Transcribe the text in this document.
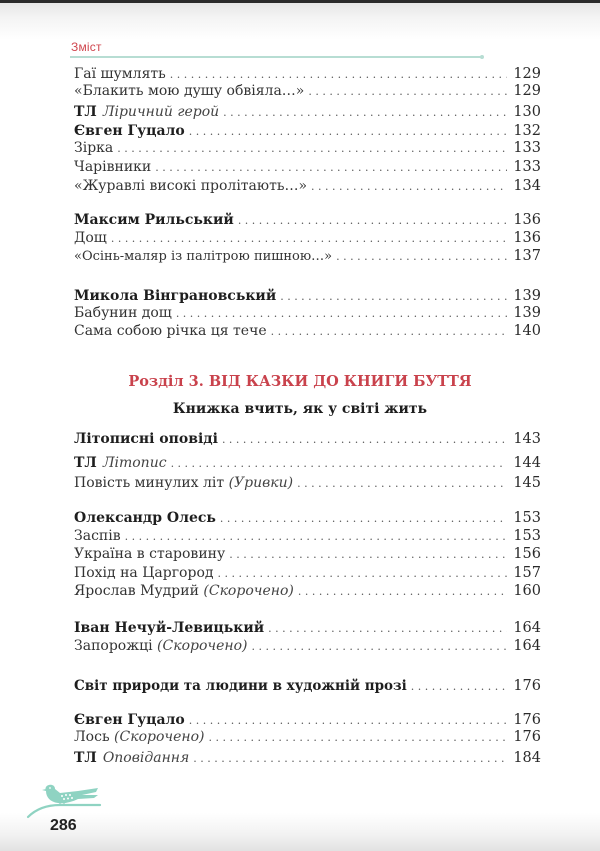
Зміст
Гаї шумлять . . .	129
«Блакить мою душу обвіяла…» . . .	129
ТЛ Ліричний герой . . .	130
Євген Гуцало . . .	132
Зірка . . .	133
Чарівники . . .	133
«Журавлі високі пролітають…» . . .	134
Максим Рильський . . .	136
Дощ . . .	136
«Осінь-маляр із палітрою пишною…» . . .	137
Микола Вінграновський . . .	139
Бабунин дощ . . .	139
Сама собою річка ця тече . . .	140
Розділ 3. ВІД КАЗКИ ДО КНИГИ БУТТЯ
Книжка вчить, як у світі жить
Літописні оповіді . . .	143
ТЛ Літопис . . .	144
Повість минулих літ (Уривки) . . .	145
Олександр Олесь . . .	153
Заспів . . .	153
Україна в старовину . . .	156
Похід на Царгород . . .	157
Ярослав Мудрий (Скорочено) . . .	160
Іван Нечуй-Левицький . . .	164
Запорожці (Скорочено) . . .	164
Світ природи та людини в художній прозі . . .	176
Євген Гуцало . . .	176
Лось (Скорочено) . . .	176
ТЛ Оповідання . . .	184
286
